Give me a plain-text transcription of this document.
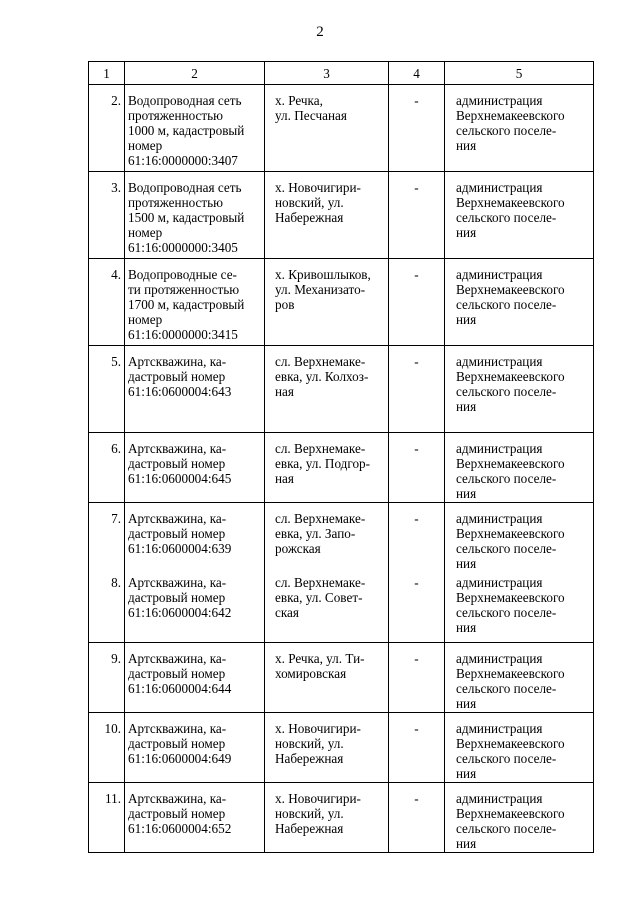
2
1	2	3	4	5
2.	Водопроводная сеть
протяженностью
1000 м, кадастровый
номер
61:16:0000000:3407	х. Речка,
ул. Песчаная	-	администрация
Верхнемакеевского
сельского поселе-
ния

3.	Водопроводная сеть
протяженностью
1500 м, кадастровый
номер
61:16:0000000:3405	х. Новочигири-
новский, ул.
Набережная	-	администрация
Верхнемакеевского
сельского поселе-
ния

4.	Водопроводные се-
ти протяженностью
1700 м, кадастровый
номер
61:16:0000000:3415	х. Кривошлыков,
ул. Механизато-
ров	-	администрация
Верхнемакеевского
сельского поселе-
ния

5.	Артскважина, ка-
дастровый номер
61:16:0600004:643	сл. Верхнемаке-
евка, ул. Колхоз-
ная	-	администрация
Верхнемакеевского
сельского поселе-
ния

6.	Артскважина, ка-
дастровый номер
61:16:0600004:645	сл. Верхнемаке-
евка, ул. Подгор-
ная	-	администрация
Верхнемакеевского
сельского поселе-
ния

7.	Артскважина, ка-
дастровый номер
61:16:0600004:639	сл. Верхнемаке-
евка, ул. Запо-
рожская	-	администрация
Верхнемакеевского
сельского поселе-
ния

8.	Артскважина, ка-
дастровый номер
61:16:0600004:642	сл. Верхнемаке-
евка, ул. Совет-
ская	-	администрация
Верхнемакеевского
сельского поселе-
ния

9.	Артскважина, ка-
дастровый номер
61:16:0600004:644	х. Речка, ул. Ти-
хомировская	-	администрация
Верхнемакеевского
сельского поселе-
ния

10.	Артскважина, ка-
дастровый номер
61:16:0600004:649	х. Новочигири-
новский, ул.
Набережная	-	администрация
Верхнемакеевского
сельского поселе-
ния

11.	Артскважина, ка-
дастровый номер
61:16:0600004:652	х. Новочигири-
новский, ул.
Набережная	-	администрация
Верхнемакеевского
сельского поселе-
ния
